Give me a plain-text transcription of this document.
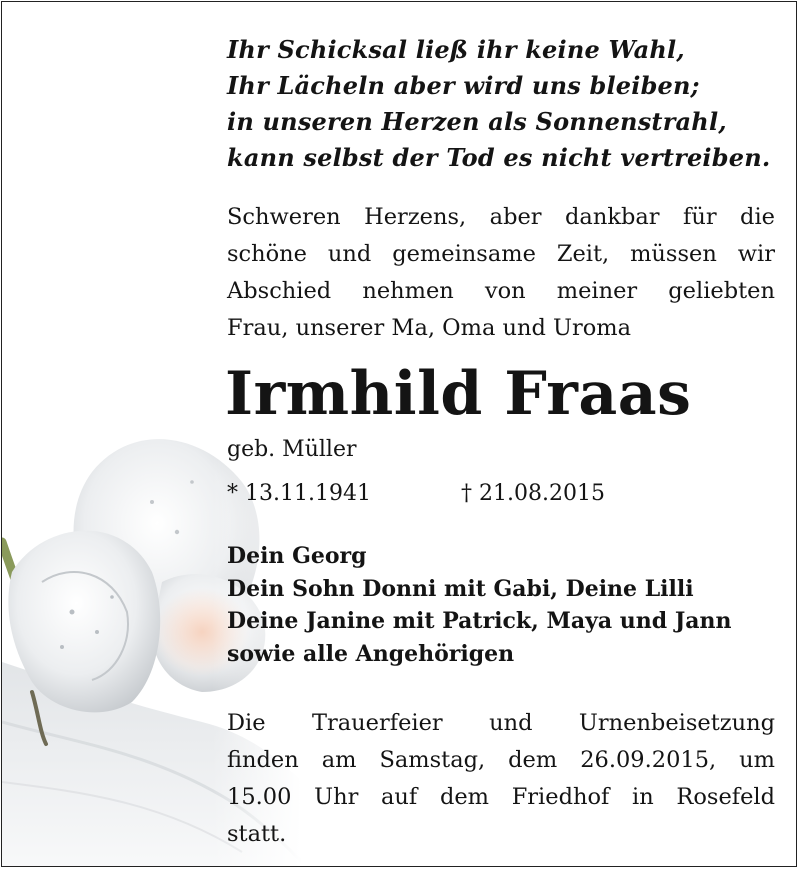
Ihr Schicksal ließ ihr keine Wahl,
Ihr Lächeln aber wird uns bleiben;
in unseren Herzen als Sonnenstrahl,
kann selbst der Tod es nicht vertreiben.
Schweren Herzens, aber dankbar für die
schöne und gemeinsame Zeit, müssen wir
Abschied nehmen von meiner geliebten
Frau, unserer Ma, Oma und Uroma
Irmhild Fraas
geb. Müller
* 13.11.1941	† 21.08.2015
Dein Georg
Dein Sohn Donni mit Gabi, Deine Lilli
Deine Janine mit Patrick, Maya und Jann
sowie alle Angehörigen
Die Trauerfeier und Urnenbeisetzung
finden am Samstag, dem 26.09.2015, um
15.00 Uhr auf dem Friedhof in Rosefeld
statt.
